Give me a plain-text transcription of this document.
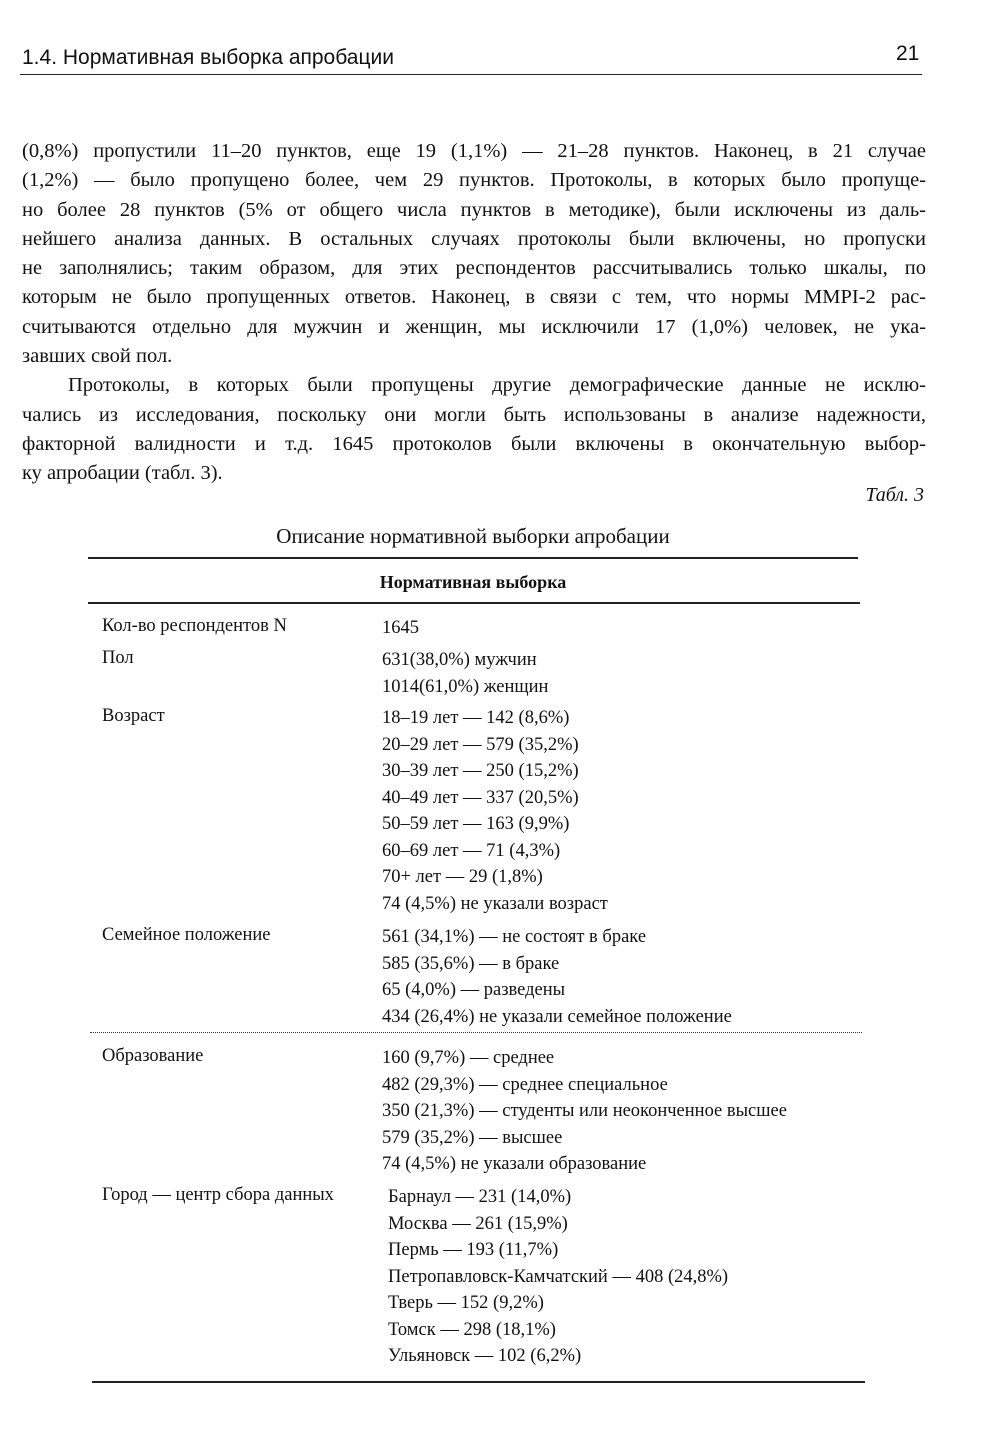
1.4. Нормативная выборка апробации	21
(0,8%) пропустили 11–20 пунктов, еще 19 (1,1%) — 21–28 пунктов. Наконец, в 21 случае
(1,2%) — было пропущено более, чем 29 пунктов. Протоколы, в которых было пропуще-
но более 28 пунктов (5% от общего числа пунктов в методике), были исключены из даль-
нейшего анализа данных. В остальных случаях протоколы были включены, но пропуски
не заполнялись; таким образом, для этих респондентов рассчитывались только шкалы, по
которым не было пропущенных ответов. Наконец, в связи с тем, что нормы MMPI-2 рас-
считываются отдельно для мужчин и женщин, мы исключили 17 (1,0%) человек, не ука-
завших свой пол.
Протоколы, в которых были пропущены другие демографические данные не исклю-
чались из исследования, поскольку они могли быть использованы в анализе надежности,
факторной валидности и т.д. 1645 протоколов были включены в окончательную выбор-
ку апробации (табл. 3).
Табл. 3
Описание нормативной выборки апробации
Нормативная выборка
Кол-во респондентов N	1645
Пол	631(38,0%) мужчин
1014(61,0%) женщин
Возраст	18–19 лет — 142 (8,6%)
20–29 лет — 579 (35,2%)
30–39 лет — 250 (15,2%)
40–49 лет — 337 (20,5%)
50–59 лет — 163 (9,9%)
60–69 лет — 71 (4,3%)
70+ лет — 29 (1,8%)
74 (4,5%) не указали возраст
Семейное положение	561 (34,1%) — не состоят в браке
585 (35,6%) — в браке
65 (4,0%) — разведены
434 (26,4%) не указали семейное положение
Образование	160 (9,7%) — среднее
482 (29,3%) — среднее специальное
350 (21,3%) — студенты или неоконченное высшее
579 (35,2%) — высшее
74 (4,5%) не указали образование
Город — центр сбора данных	Барнаул — 231 (14,0%)
Москва — 261 (15,9%)
Пермь — 193 (11,7%)
Петропавловск-Камчатский — 408 (24,8%)
Тверь — 152 (9,2%)
Томск — 298 (18,1%)
Ульяновск — 102 (6,2%)
